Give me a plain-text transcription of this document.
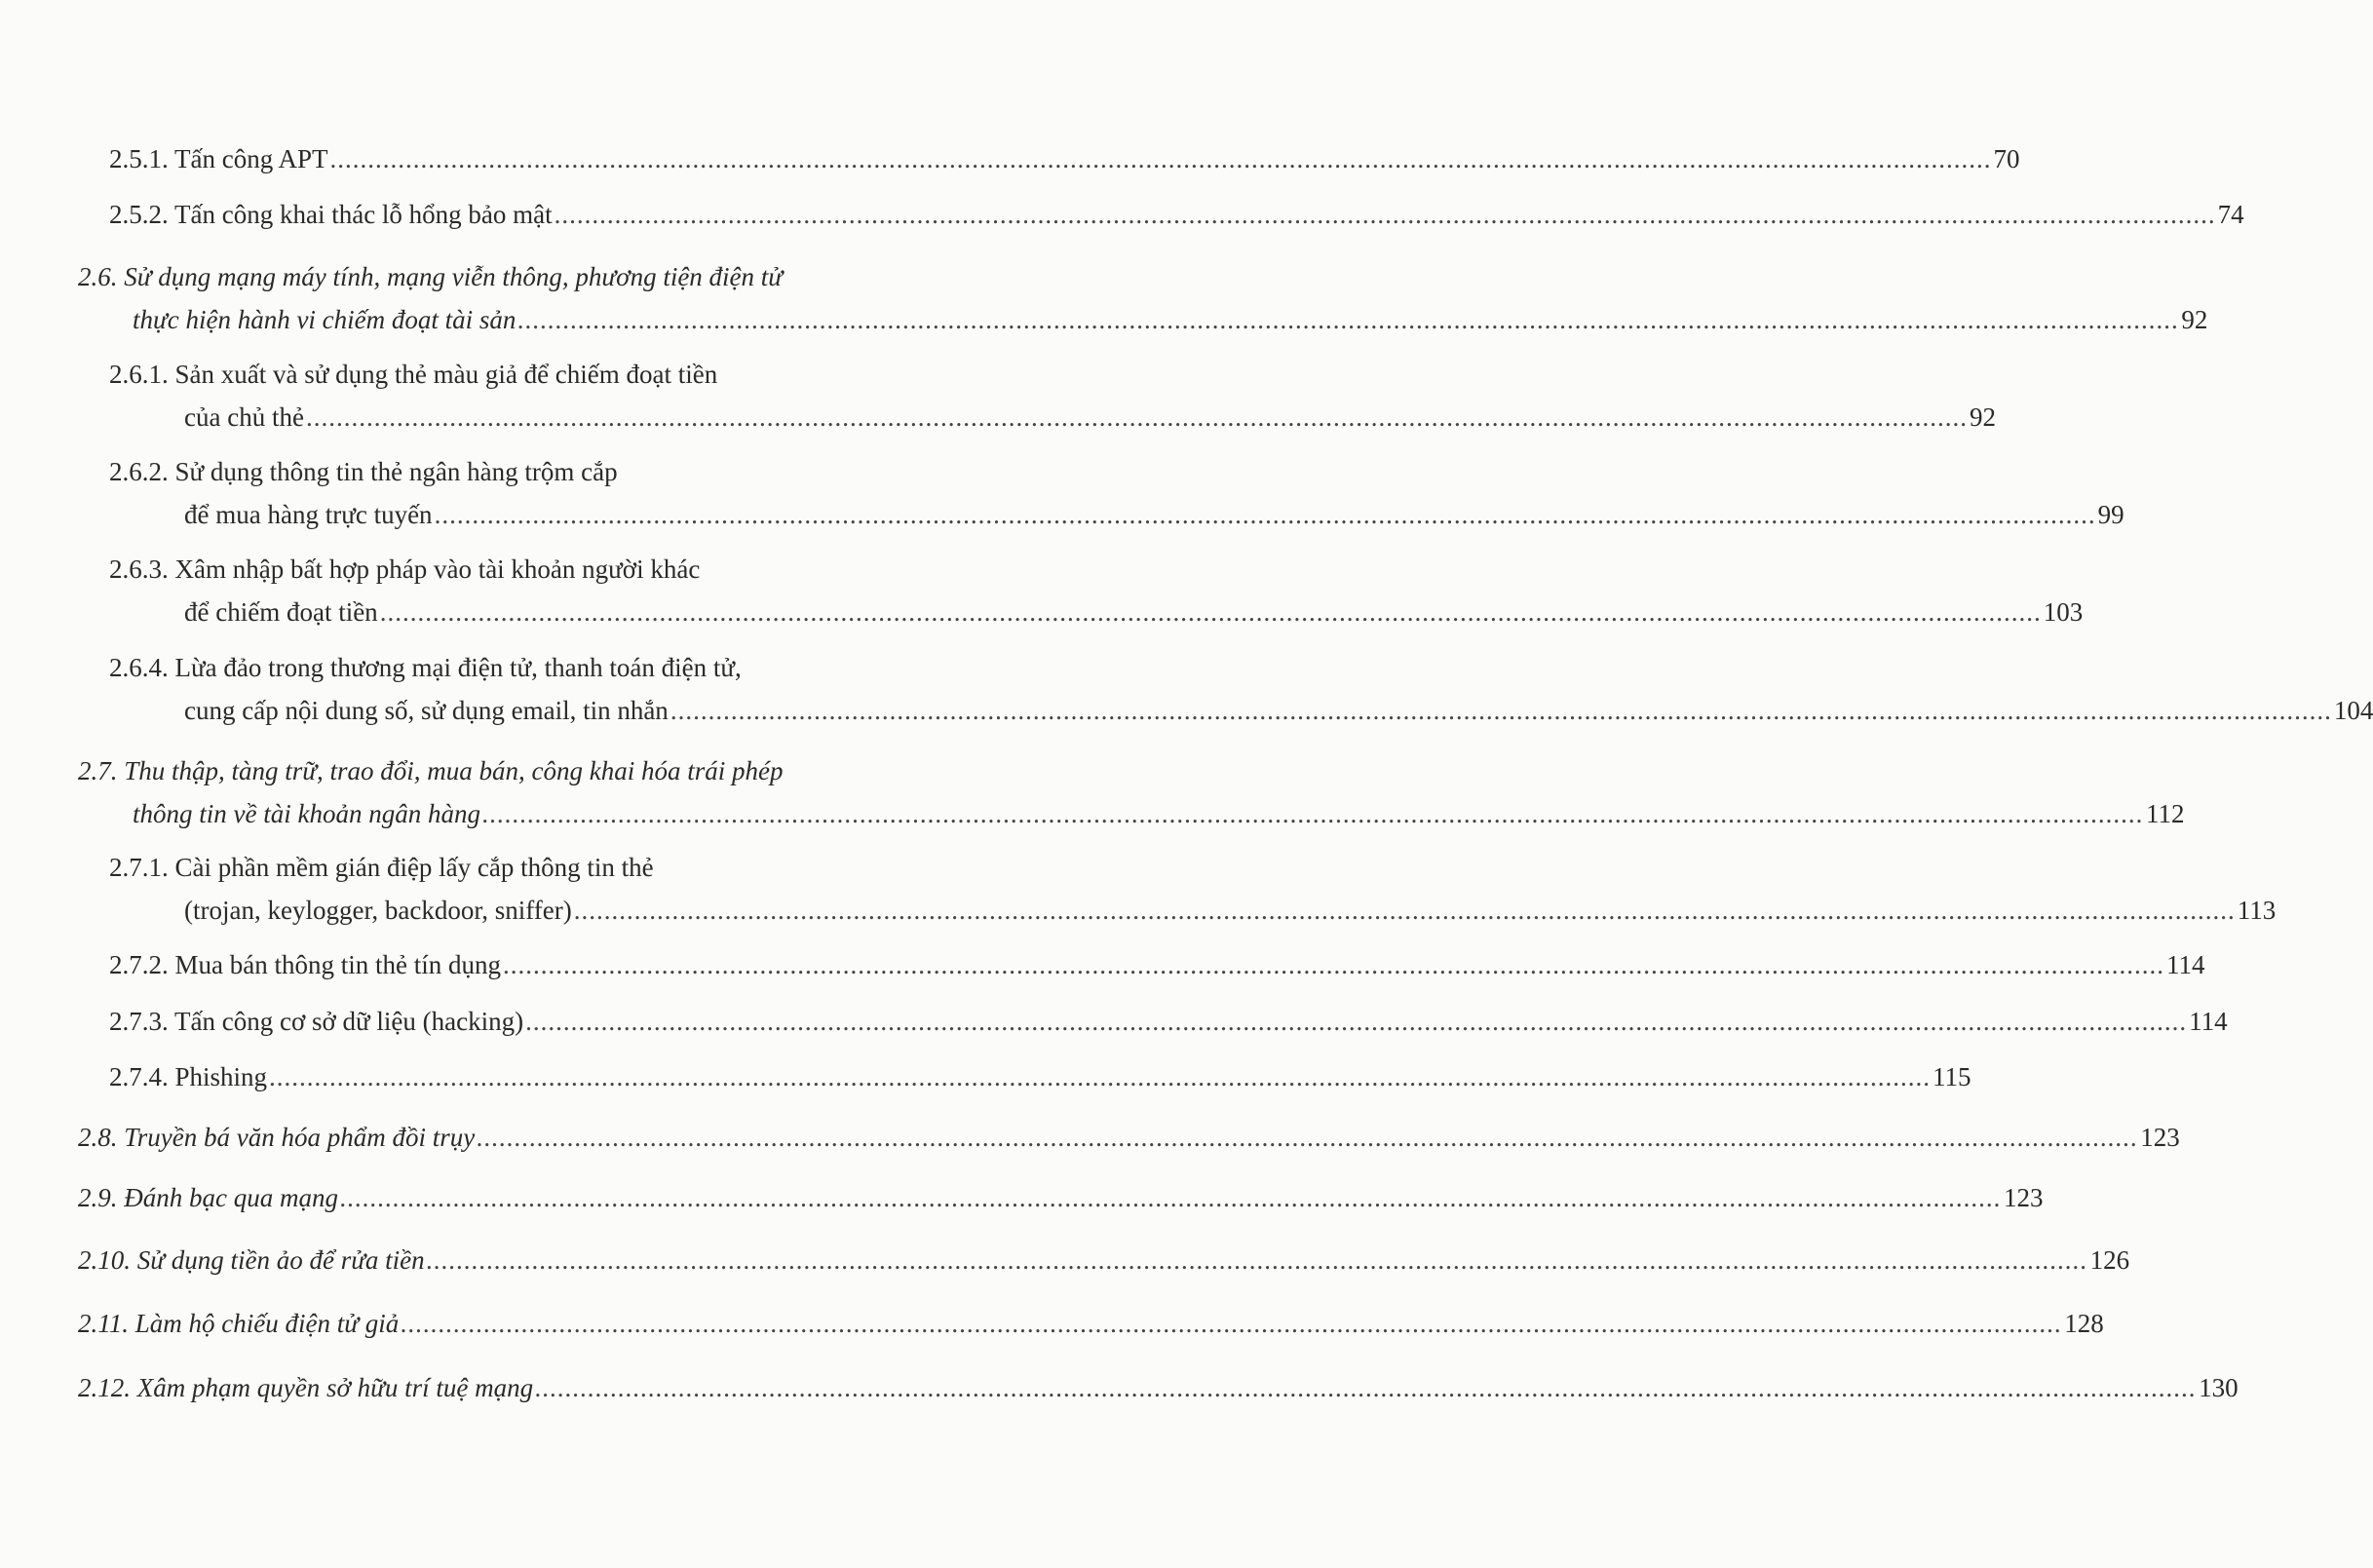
2.5.1. Tấn công APT ............................................................................................................................................................................................................................ 70
2.5.2. Tấn công khai thác lỗ hổng bảo mật ............................................................................................................................................................................................................................ 74
2.6. Sử dụng mạng máy tính, mạng viễn thông, phương tiện điện tử
thực hiện hành vi chiếm đoạt tài sản ............................................................................................................................................................................................................................ 92
2.6.1. Sản xuất và sử dụng thẻ màu giả để chiếm đoạt tiền
của chủ thẻ ............................................................................................................................................................................................................................ 92
2.6.2. Sử dụng thông tin thẻ ngân hàng trộm cắp
để mua hàng trực tuyến ............................................................................................................................................................................................................................ 99
2.6.3. Xâm nhập bất hợp pháp vào tài khoản người khác
để chiếm đoạt tiền ............................................................................................................................................................................................................................ 103
2.6.4. Lừa đảo trong thương mại điện tử, thanh toán điện tử,
cung cấp nội dung số, sử dụng email, tin nhắn ............................................................................................................................................................................................................................ 104
2.7. Thu thập, tàng trữ, trao đổi, mua bán, công khai hóa trái phép
thông tin về tài khoản ngân hàng ............................................................................................................................................................................................................................ 112
2.7.1. Cài phần mềm gián điệp lấy cắp thông tin thẻ
(trojan, keylogger, backdoor, sniffer) ............................................................................................................................................................................................................................ 113
2.7.2. Mua bán thông tin thẻ tín dụng ............................................................................................................................................................................................................................ 114
2.7.3. Tấn công cơ sở dữ liệu (hacking) ............................................................................................................................................................................................................................ 114
2.7.4. Phishing ............................................................................................................................................................................................................................ 115
2.8. Truyền bá văn hóa phẩm đồi trụy ............................................................................................................................................................................................................................ 123
2.9. Đánh bạc qua mạng ............................................................................................................................................................................................................................ 123
2.10. Sử dụng tiền ảo để rửa tiền ............................................................................................................................................................................................................................ 126
2.11. Làm hộ chiếu điện tử giả ............................................................................................................................................................................................................................ 128
2.12. Xâm phạm quyền sở hữu trí tuệ mạng ............................................................................................................................................................................................................................ 130
